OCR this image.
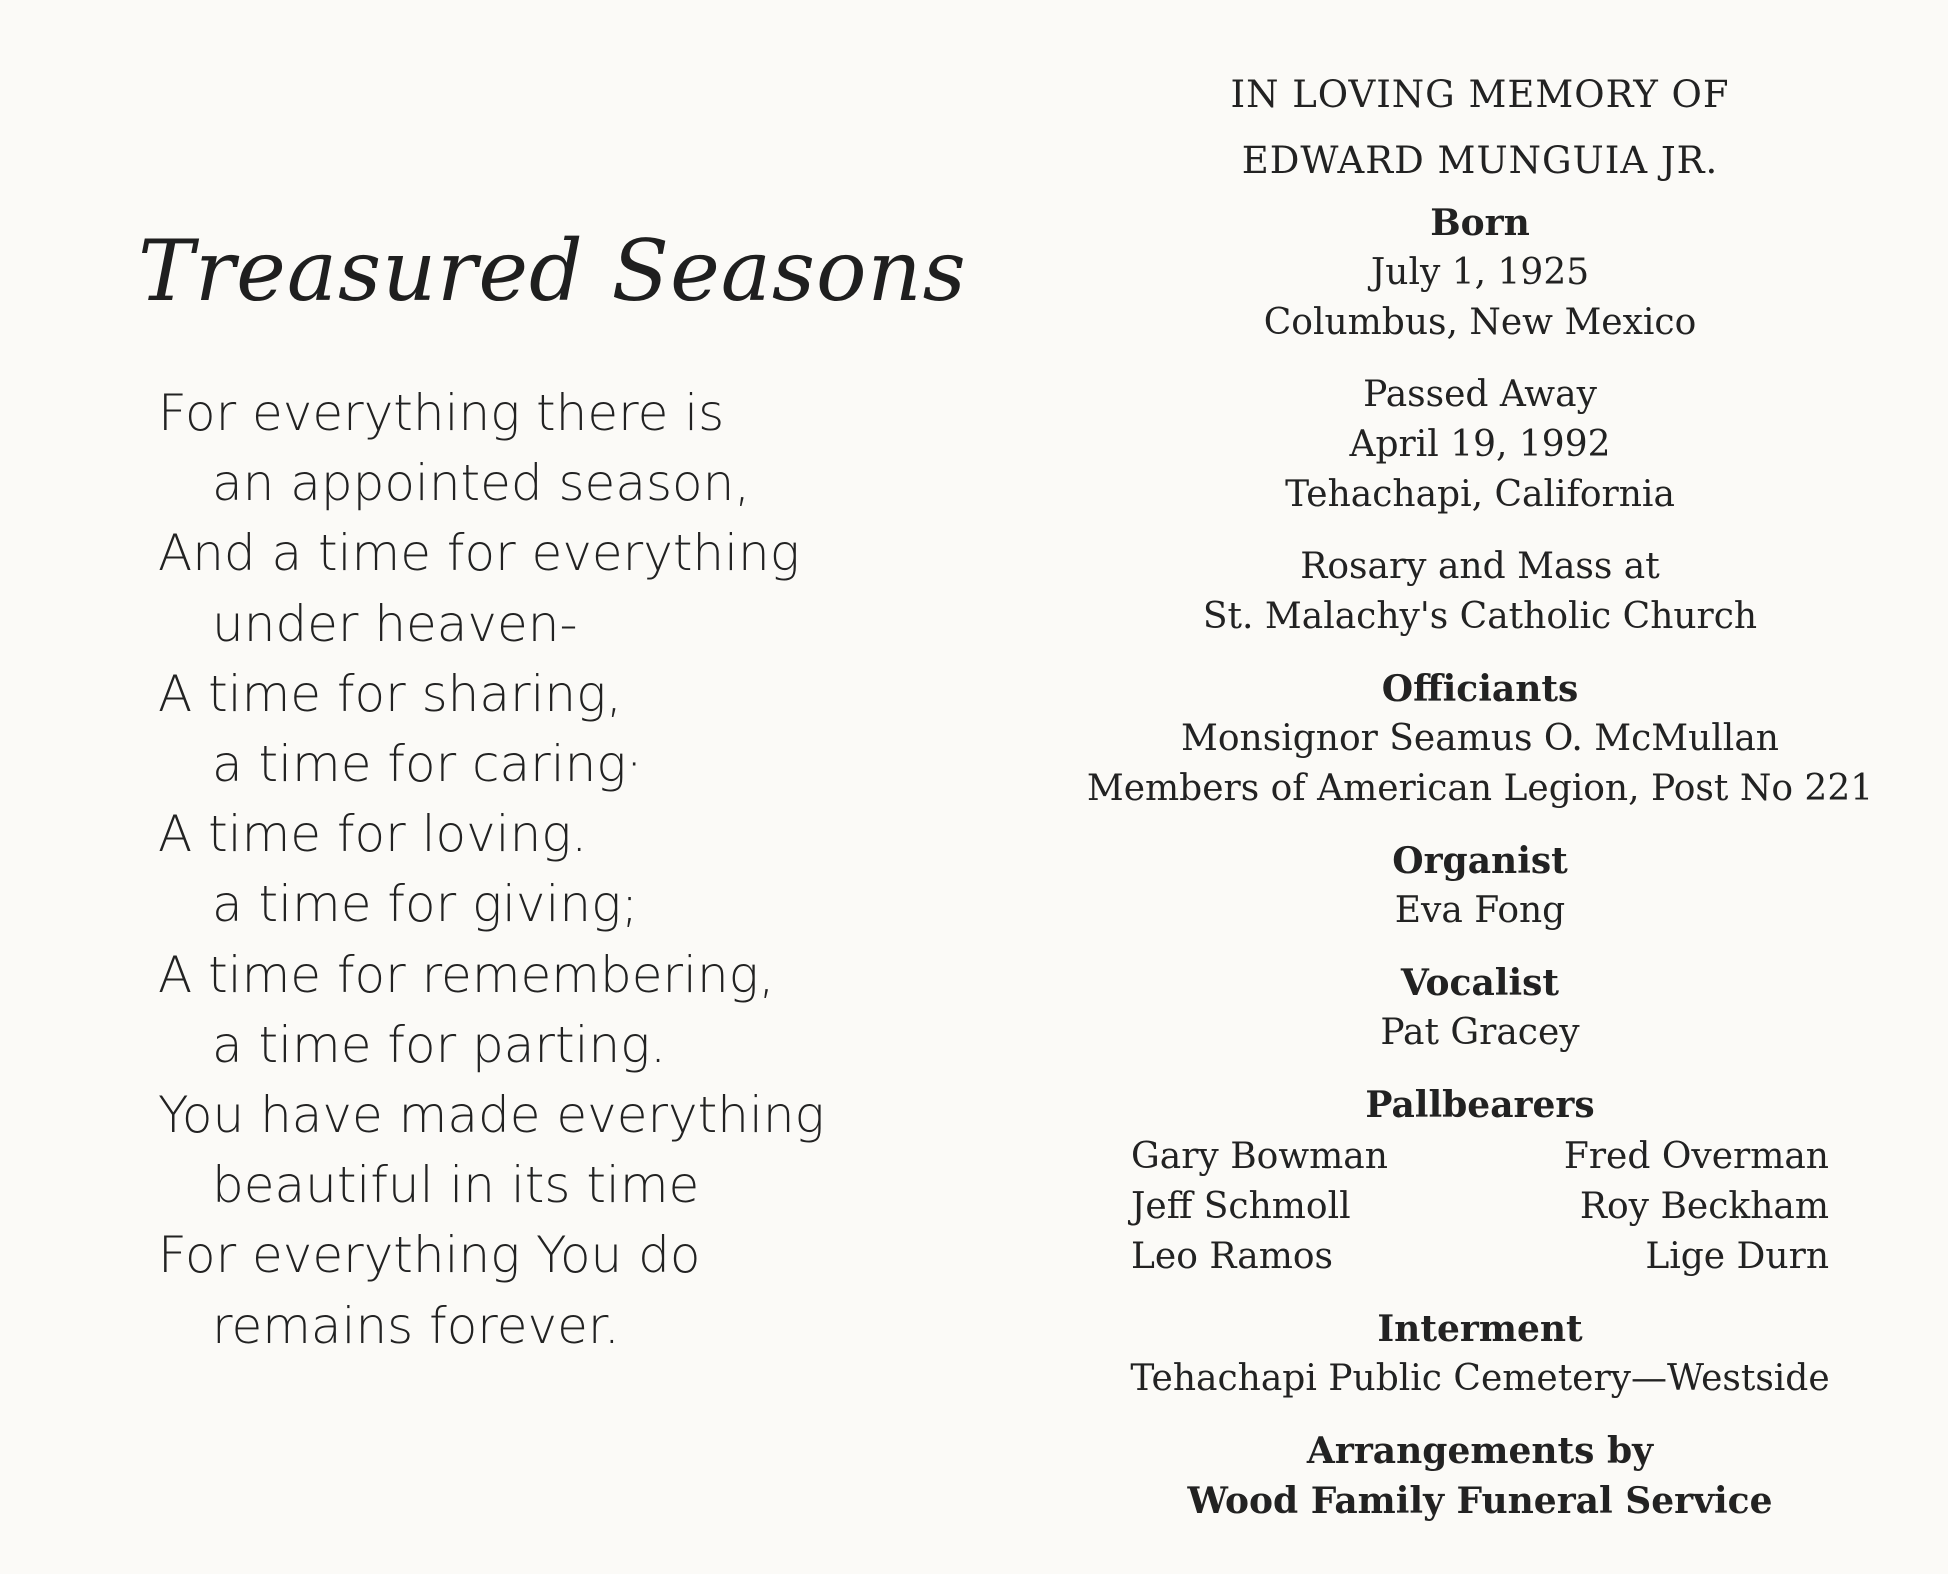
Treasured Seasons
For everything there is
an appointed season,
And a time for everything
under heaven-
A time for sharing,
a time for caring·
A time for loving.
a time for giving;
A time for remembering,
a time for parting.
You have made everything
beautiful in its time
For everything You do
remains forever.
IN LOVING MEMORY OF
EDWARD MUNGUIA JR.
Born
July 1, 1925
Columbus, New Mexico
Passed Away
April 19, 1992
Tehachapi, California
Rosary and Mass at
St. Malachy's Catholic Church
Officiants
Monsignor Seamus O. McMullan
Members of American Legion, Post No 221
Organist
Eva Fong
Vocalist
Pat Gracey
Pallbearers
Gary Bowman
Jeff Schmoll
Leo Ramos
Fred Overman
Roy Beckham
Lige Durn
Interment
Tehachapi Public Cemetery—Westside
Arrangements by
Wood Family Funeral Service
